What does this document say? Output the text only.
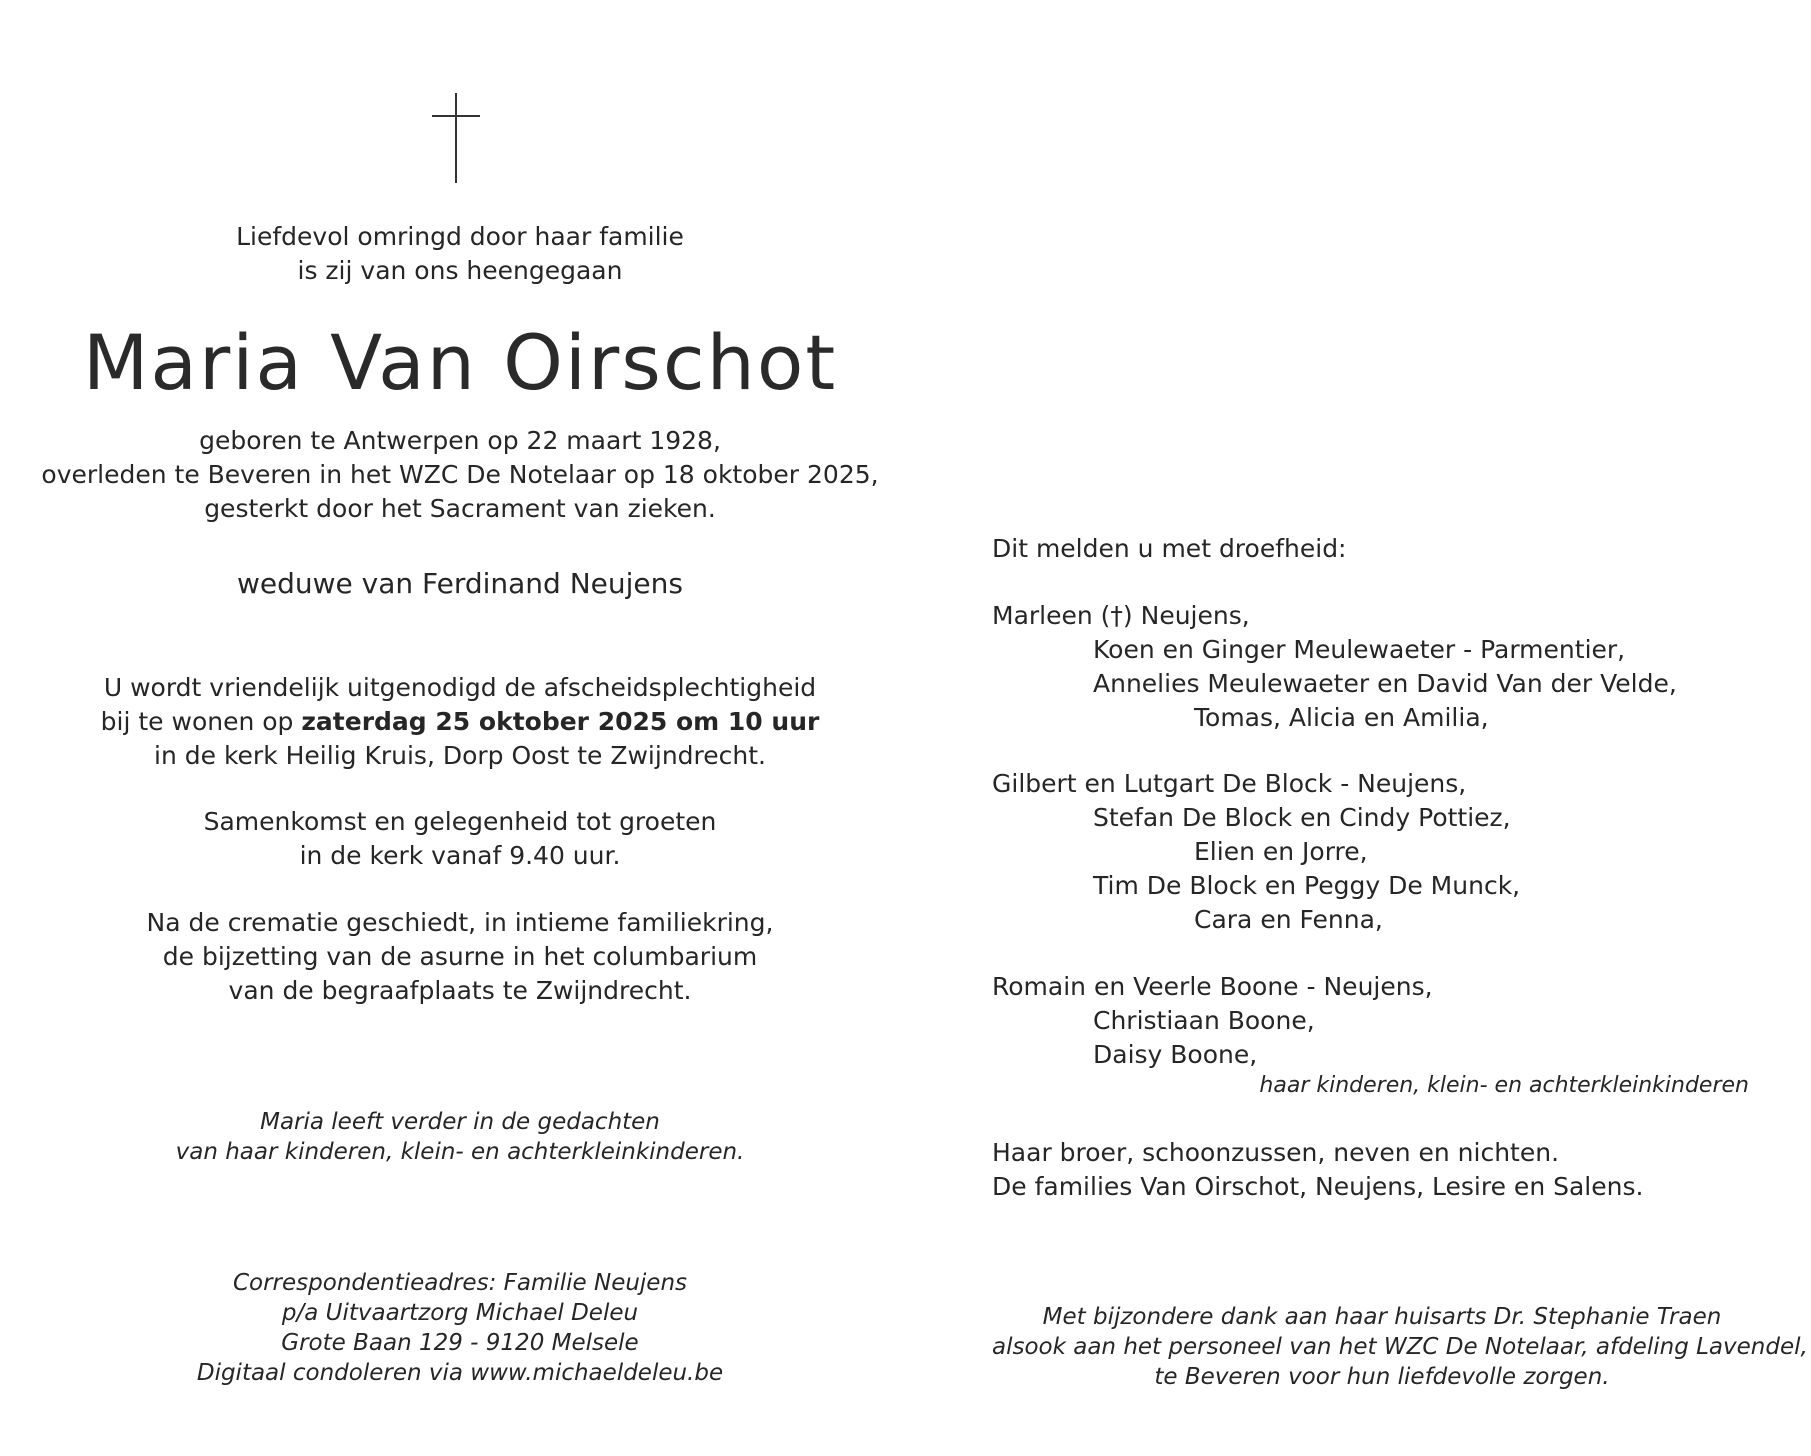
Liefdevol omringd door haar familie
is zij van ons heengegaan
Maria Van Oirschot
geboren te Antwerpen op 22 maart 1928,
overleden te Beveren in het WZC De Notelaar op 18 oktober 2025,
gesterkt door het Sacrament van zieken.
weduwe van Ferdinand Neujens
U wordt vriendelijk uitgenodigd de afscheidsplechtigheid
bij te wonen op zaterdag 25 oktober 2025 om 10 uur
in de kerk Heilig Kruis, Dorp Oost te Zwijndrecht.
Samenkomst en gelegenheid tot groeten
in de kerk vanaf 9.40 uur.
Na de crematie geschiedt, in intieme familiekring,
de bijzetting van de asurne in het columbarium
van de begraafplaats te Zwijndrecht.
Maria leeft verder in de gedachten
van haar kinderen, klein- en achterkleinkinderen.
Correspondentieadres: Familie Neujens
p/a Uitvaartzorg Michael Deleu
Grote Baan 129 - 9120 Melsele
Digitaal condoleren via www.michaeldeleu.be
Dit melden u met droefheid:
Marleen (†) Neujens,
Koen en Ginger Meulewaeter - Parmentier,
Annelies Meulewaeter en David Van der Velde,
Tomas, Alicia en Amilia,
Gilbert en Lutgart De Block - Neujens,
Stefan De Block en Cindy Pottiez,
Elien en Jorre,
Tim De Block en Peggy De Munck,
Cara en Fenna,
Romain en Veerle Boone - Neujens,
Christiaan Boone,
Daisy Boone,
haar kinderen, klein- en achterkleinkinderen
Haar broer, schoonzussen, neven en nichten.
De families Van Oirschot, Neujens, Lesire en Salens.
Met bijzondere dank aan haar huisarts Dr. Stephanie Traen
alsook aan het personeel van het WZC De Notelaar, afdeling Lavendel,
te Beveren voor hun liefdevolle zorgen.
